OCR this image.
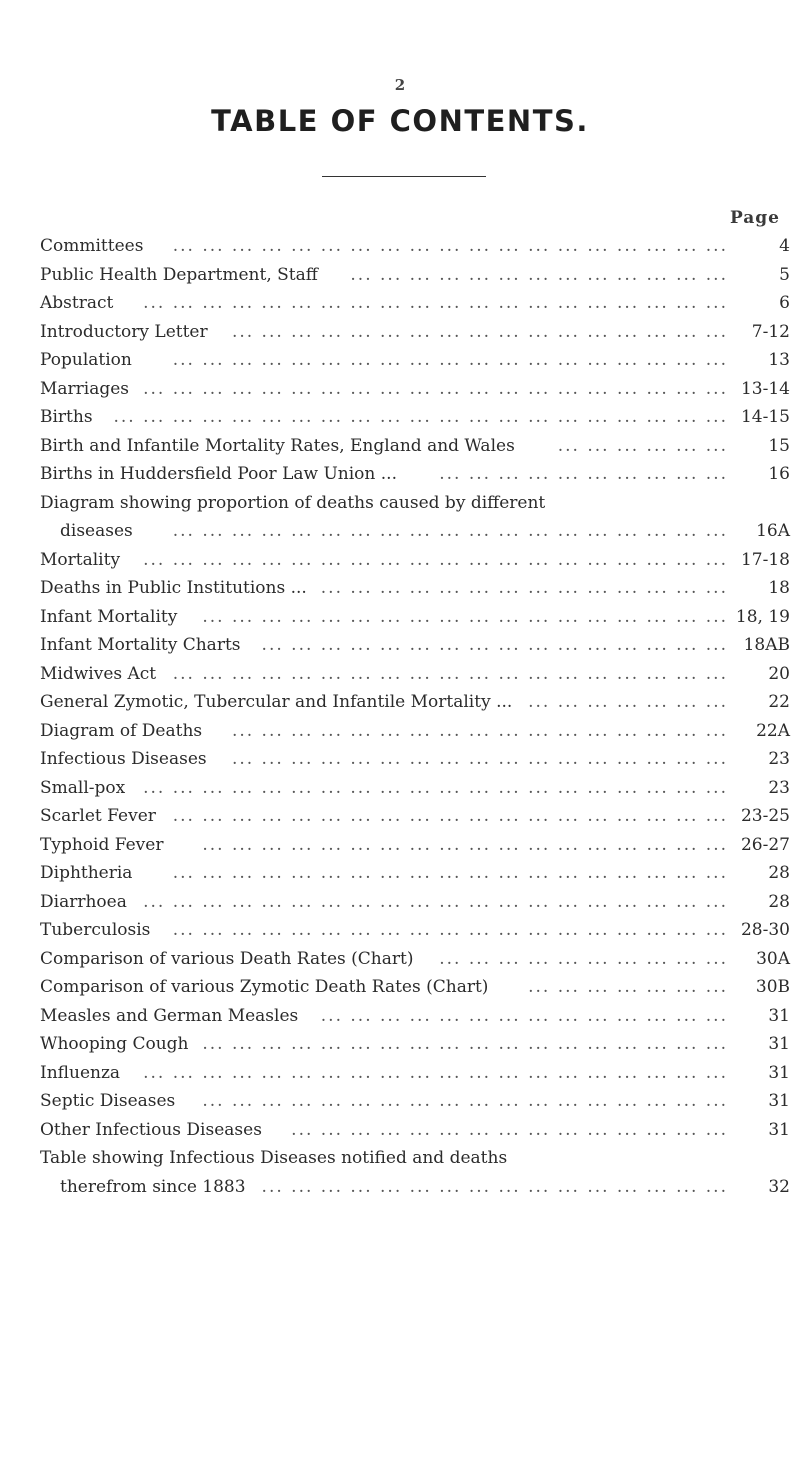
2
TABLE OF CONTENTS.
Page
Committees ... ... ... ... ... ... ... ... ... ... ... ... ... ... ... ... ... ... ...	4
Public Health Department, Staff ... ... ... ... ... ... ... ... ... ... ... ... ...	5
Abstract ... ... ... ... ... ... ... ... ... ... ... ... ... ... ... ... ... ... ... ...	6
Introductory Letter ... ... ... ... ... ... ... ... ... ... ... ... ... ... ... ... ...	7-12
Population ... ... ... ... ... ... ... ... ... ... ... ... ... ... ... ... ... ... ...	13
Marriages ... ... ... ... ... ... ... ... ... ... ... ... ... ... ... ... ... ... ... ... 13-14
Births ... ... ... ... ... ... ... ... ... ... ... ... ... ... ... ... ... ... ... ... ... 14-15
Birth and Infantile Mortality Rates, England and Wales	... ... ... ... ... ...	15
Births in Huddersfield Poor Law Union ... ... ... ... ... ... ... ... ... ... ...	16
Diagram showing proportion of deaths caused by different
diseases ... ... ... ... ... ... ... ... ... ... ... ... ... ... ... ... ... ... ...	16A
Mortality ... ... ... ... ... ... ... ... ... ... ... ... ... ... ... ... ... ... ... ... 17-18
Deaths in Public Institutions ... ... ... ... ... ... ... ... ... ... ... ... ... ... ...	18
Infant Mortality ... ... ... ... ... ... ... ... ... ... ... ... ... ... ... ... ... ... 18, 19
Infant Mortality Charts ... ... ... ... ... ... ... ... ... ... ... ... ... ... ... ... 18AB
Midwives Act ... ... ... ... ... ... ... ... ... ... ... ... ... ... ... ... ... ... ...	20
General Zymotic, Tubercular and Infantile Mortality ... ... ... ... ... ... ... ...	22
Diagram of Deaths ... ... ... ... ... ... ... ... ... ... ... ... ... ... ... ... ...	22A
Infectious Diseases ... ... ... ... ... ... ... ... ... ... ... ... ... ... ... ... ...	23
Small-pox ... ... ... ... ... ... ... ... ... ... ... ... ... ... ... ... ... ... ... ...	23
Scarlet Fever ... ... ... ... ... ... ... ... ... ... ... ... ... ... ... ... ... ... ... 23-25
Typhoid Fever ... ... ... ... ... ... ... ... ... ... ... ... ... ... ... ... ... ... 26-27
Diphtheria ... ... ... ... ... ... ... ... ... ... ... ... ... ... ... ... ... ... ...	28
Diarrhoea ... ... ... ... ... ... ... ... ... ... ... ... ... ... ... ... ... ... ... ...	28
Tuberculosis ... ... ... ... ... ... ... ... ... ... ... ... ... ... ... ... ... ... ... 28-30
Comparison of various Death Rates (Chart) ... ... ... ... ... ... ... ... ... ...	30A
Comparison of various Zymotic Death Rates (Chart) ... ... ... ... ... ... ...	30B
Measles and German Measles ... ... ... ... ... ... ... ... ... ... ... ... ... ...	31
Whooping Cough ... ... ... ... ... ... ... ... ... ... ... ... ... ... ... ... ... ...	31
Influenza ... ... ... ... ... ... ... ... ... ... ... ... ... ... ... ... ... ... ... ...	31
Septic Diseases ... ... ... ... ... ... ... ... ... ... ... ... ... ... ... ... ... ...	31
Other Infectious Diseases ... ... ... ... ... ... ... ... ... ... ... ... ... ... ...	31
Table showing Infectious Diseases notified and deaths
therefrom since 1883 ... ... ... ... ... ... ... ... ... ... ... ... ... ... ... ...	32
